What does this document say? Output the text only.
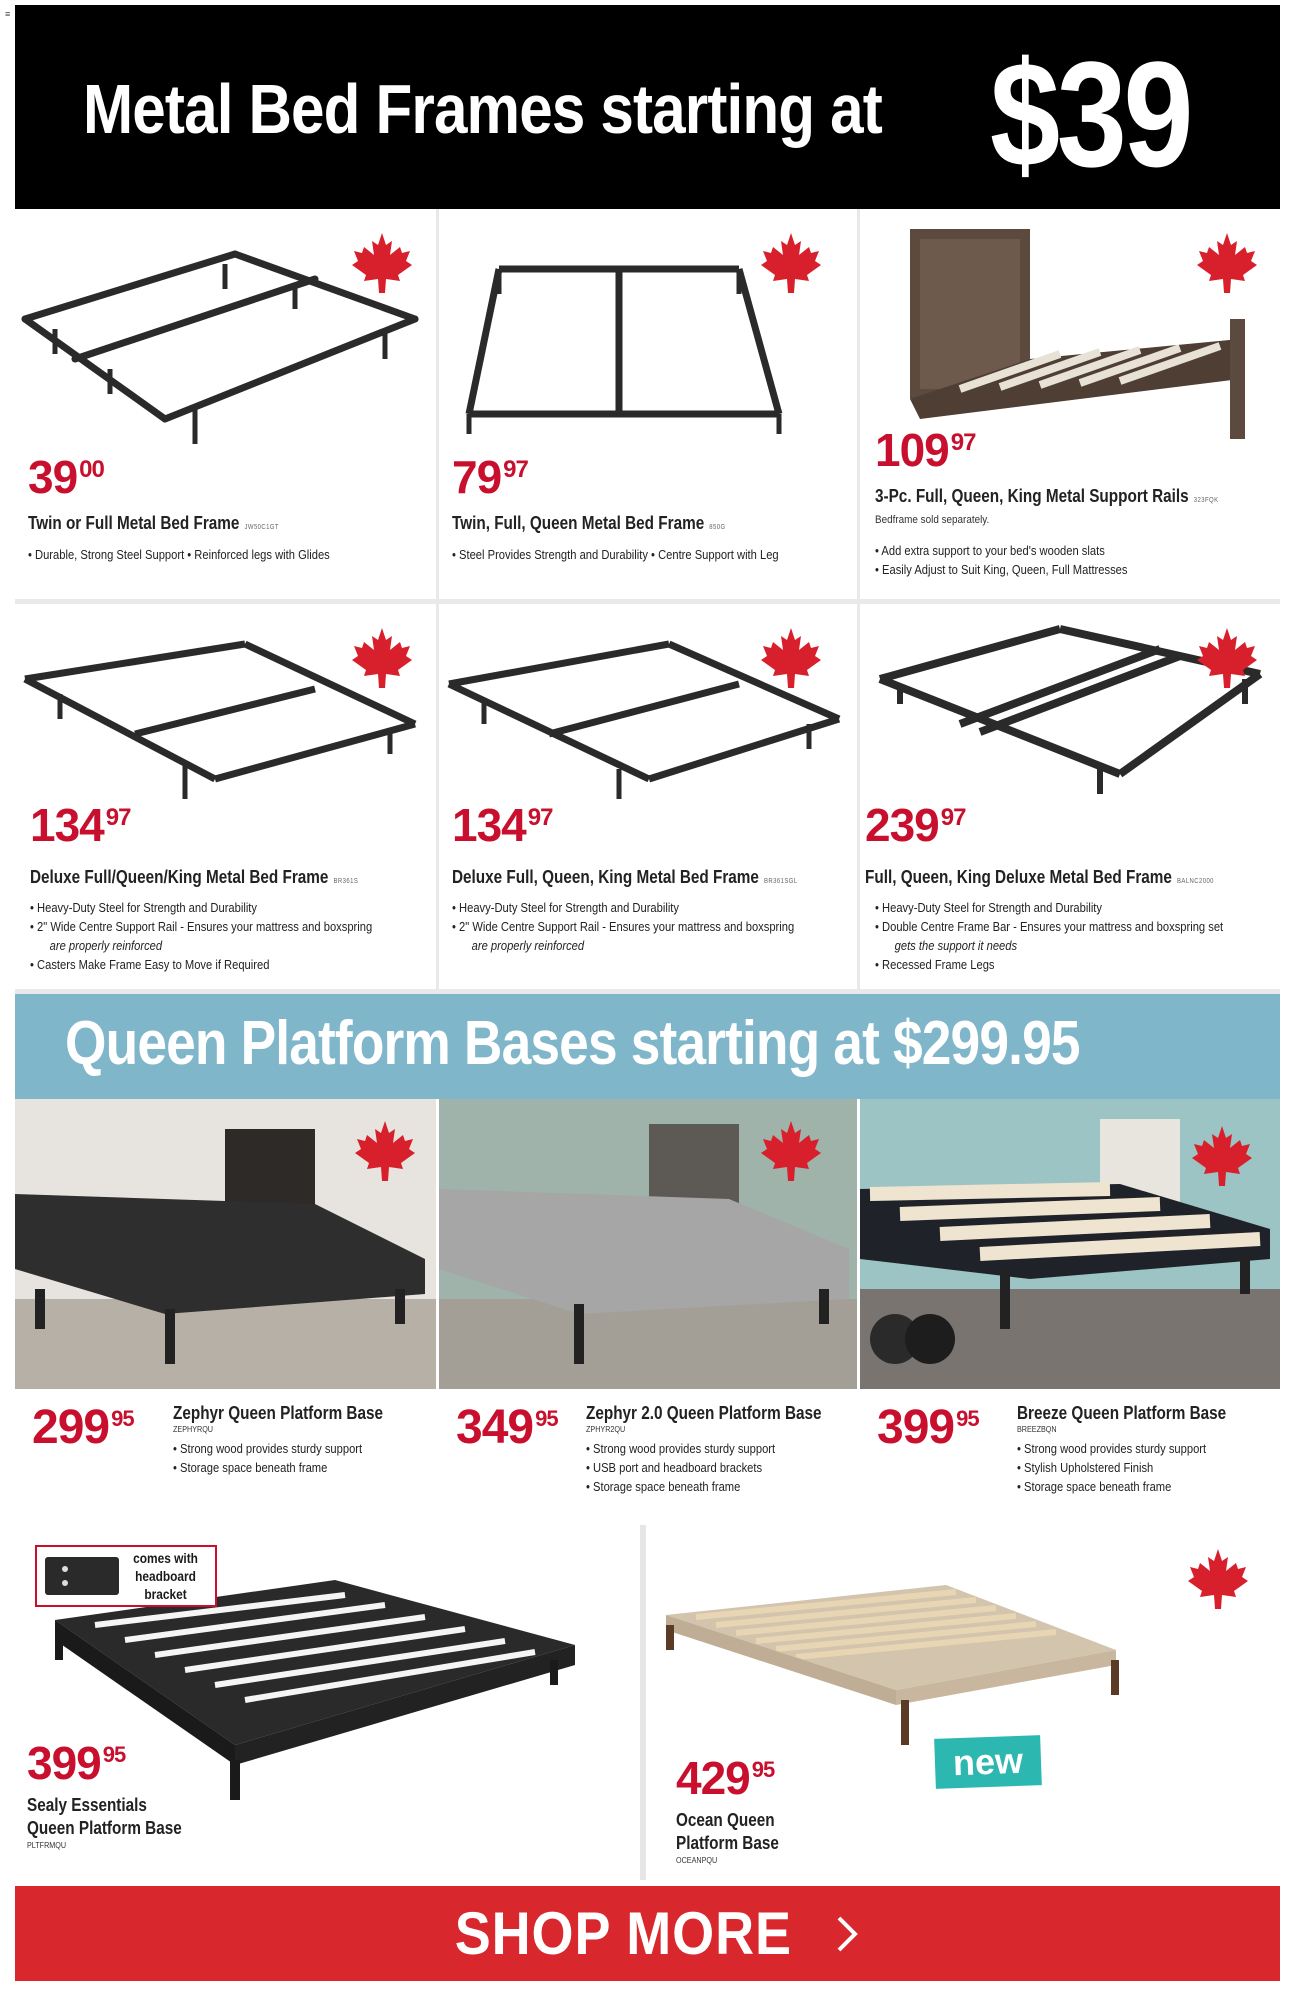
≡
Metal Bed Frames starting at $39
$39^{00}$
Twin or Full Metal Bed Frame JW50C1GT
• Durable, Strong Steel Support • Reinforced legs with Glides
$79^{97}$
Twin, Full, Queen Metal Bed Frame 850G
• Steel Provides Strength and Durability • Centre Support with Leg
$109^{97}$
3-Pc. Full, Queen, King Metal Support Rails 323FQK
Bedframe sold separately.
• Add extra support to your bed's wooden slats
• Easily Adjust to Suit King, Queen, Full Mattresses
$134^{97}$
Deluxe Full/Queen/King Metal Bed Frame BR361S
• Heavy-Duty Steel for Strength and Durability
• 2" Wide Centre Support Rail - Ensures your mattress and boxspring
are properly reinforced
• Casters Make Frame Easy to Move if Required
$134^{97}$
Deluxe Full, Queen, King Metal Bed Frame BR361SGL
• Heavy-Duty Steel for Strength and Durability
• 2" Wide Centre Support Rail - Ensures your mattress and boxspring
are properly reinforced
$239^{97}$
Full, Queen, King Deluxe Metal Bed Frame BALNC2000
• Heavy-Duty Steel for Strength and Durability
• Double Centre Frame Bar - Ensures your mattress and boxspring set
gets the support it needs
• Recessed Frame Legs
Queen Platform Bases starting at $299.95
$299^{95}$ Zephyr Queen Platform Base
ZEPHYRQU
• Strong wood provides sturdy support
• Storage space beneath frame
$349^{95}$ Zephyr 2.0 Queen Platform Base
ZPHYR2QU
• Strong wood provides sturdy support
• USB port and headboard brackets
• Storage space beneath frame
$399^{95}$ Breeze Queen Platform Base
BREEZBQN
• Strong wood provides sturdy support
• Stylish Upholstered Finish
• Storage space beneath frame
comes with headboard bracket
$399^{95}$
Sealy Essentials
Queen Platform Base
PLTFRMQU
$429^{95}$
Ocean Queen
Platform Base
OCEANPQU
new
SHOP MORE
